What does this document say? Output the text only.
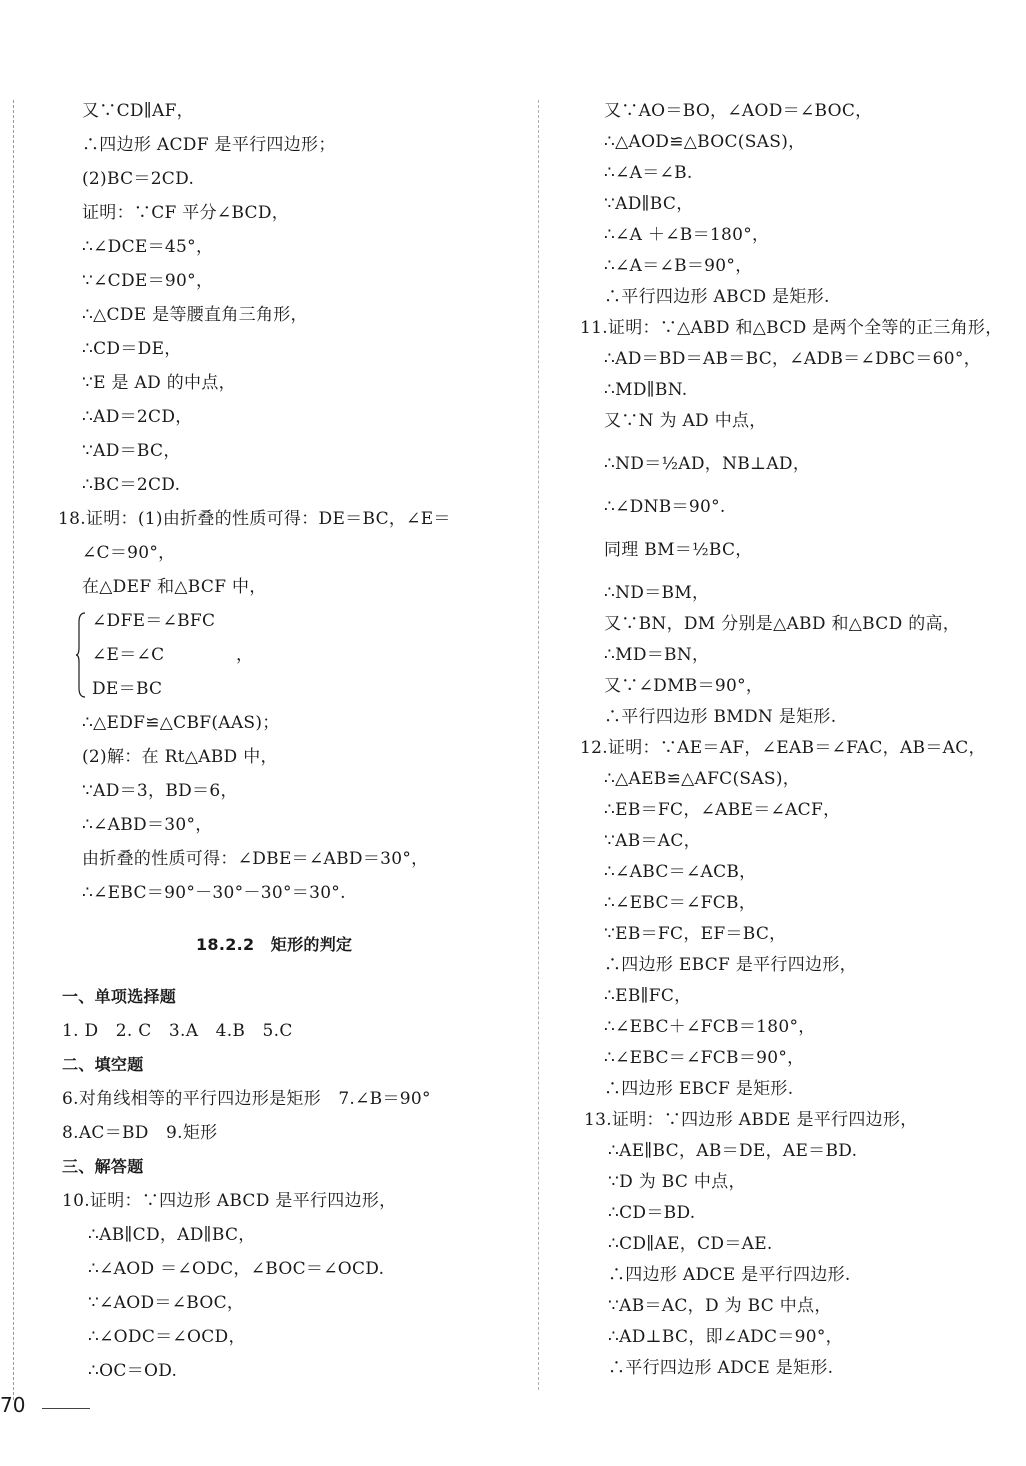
又∵CD∥AF，
∴四边形 ACDF 是平行四边形；
(2)BC＝2CD.
证明：∵CF 平分∠BCD，
∴∠DCE＝45°，
∵∠CDE＝90°，
∴△CDE 是等腰直角三角形，
∴CD＝DE，
∵E 是 AD 的中点，
∴AD＝2CD，
∵AD＝BC，
∴BC＝2CD.
18.证明：(1)由折叠的性质可得：DE＝BC，∠E＝
∠C＝90°，
在△DEF 和△BCF 中，
∠DFE＝∠BFC
∠E＝∠C	，
DE＝BC
∴△EDF≌△CBF(AAS)；
(2)解：在 Rt△ABD 中，
∵AD＝3，BD＝6，
∴∠ABD＝30°，
由折叠的性质可得：∠DBE＝∠ABD＝30°，
∴∠EBC＝90°－30°－30°＝30°.
18.2.2　矩形的判定
一、单项选择题
1. D　2. C　3.A　4.B　5.C
二、填空题
6.对角线相等的平行四边形是矩形　7.∠B＝90°
8.AC＝BD　9.矩形
三、解答题
10.证明：∵四边形 ABCD 是平行四边形，
∴AB∥CD，AD∥BC，
∴∠AOD ＝∠ODC，∠BOC＝∠OCD.
∵∠AOD＝∠BOC，
∴∠ODC＝∠OCD，
∴OC＝OD.
又∵AO＝BO，∠AOD＝∠BOC，
∴△AOD≌△BOC(SAS)，
∴∠A＝∠B.
∵AD∥BC，
∴∠A ＋∠B＝180°，
∴∠A＝∠B＝90°，
∴平行四边形 ABCD 是矩形.
11.证明：∵△ABD 和△BCD 是两个全等的正三角形，
∴AD＝BD＝AB＝BC，∠ADB＝∠DBC＝60°，
∴MD∥BN.
又∵N 为 AD 中点，
∴ND＝½AD，NB⊥AD，
∴∠DNB＝90°.
同理 BM＝½BC，
∴ND＝BM，
又∵BN，DM 分别是△ABD 和△BCD 的高，
∴MD＝BN，
又∵∠DMB＝90°，
∴平行四边形 BMDN 是矩形.
12.证明：∵AE＝AF，∠EAB＝∠FAC，AB＝AC，
∴△AEB≌△AFC(SAS)，
∴EB＝FC，∠ABE＝∠ACF，
∵AB＝AC，
∴∠ABC＝∠ACB，
∴∠EBC＝∠FCB，
∵EB＝FC，EF＝BC，
∴四边形 EBCF 是平行四边形，
∴EB∥FC，
∴∠EBC＋∠FCB＝180°，
∴∠EBC＝∠FCB＝90°，
∴四边形 EBCF 是矩形.
13.证明：∵四边形 ABDE 是平行四边形，
∴AE∥BC，AB＝DE，AE＝BD.
∵D 为 BC 中点，
∴CD＝BD.
∴CD∥AE，CD＝AE.
∴四边形 ADCE 是平行四边形.
∵AB＝AC，D 为 BC 中点，
∴AD⊥BC，即∠ADC＝90°，
∴平行四边形 ADCE 是矩形.
70
